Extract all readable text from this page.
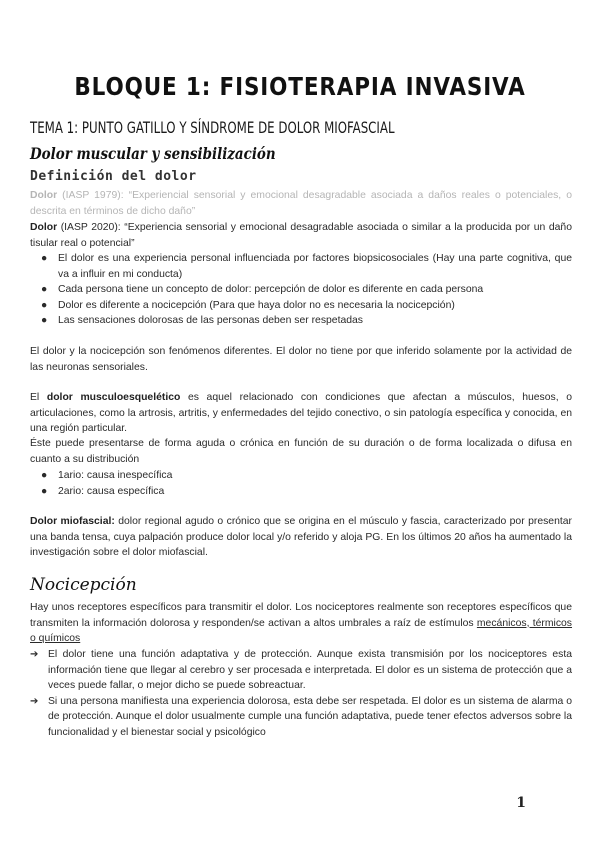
BLOQUE 1: FISIOTERAPIA INVASIVA
TEMA 1: PUNTO GATILLO Y SÍNDROME DE DOLOR MIOFASCIAL
Dolor muscular y sensibilización
Definición del dolor

Dolor (IASP 1979): “Experiencial sensorial y emocional desagradable asociada a daños reales o potenciales, o descrita en términos de dicho daño”

Dolor (IASP 2020): “Experiencia sensorial y emocional desagradable asociada o similar a la producida por un daño tisular real o potencial”

● El dolor es una experiencia personal influenciada por factores biopsicosociales (Hay una parte cognitiva, que va a influir en mi conducta)
● Cada persona tiene un concepto de dolor: percepción de dolor es diferente en cada persona
● Dolor es diferente a nocicepción (Para que haya dolor no es necesaria la nocicepción)
● Las sensaciones dolorosas de las personas deben ser respetadas

El dolor y la nocicepción son fenómenos diferentes. El dolor no tiene por que inferido solamente por la actividad de las neuronas sensoriales.

El dolor musculoesquelético es aquel relacionado con condiciones que afectan a músculos, huesos, o articulaciones, como la artrosis, artritis, y enfermedades del tejido conectivo, o sin patología específica y conocida, en una región particular.

Éste puede presentarse de forma aguda o crónica en función de su duración o de forma localizada o difusa en cuanto a su distribución

● 1ario: causa inespecífica
● 2ario: causa específica

Dolor miofascial: dolor regional agudo o crónico que se origina en el músculo y fascia, caracterizado por presentar una banda tensa, cuya palpación produce dolor local y/o referido y aloja PG. En los últimos 20 años ha aumentado la investigación sobre el dolor miofascial.

Nocicepción

Hay unos receptores específicos para transmitir el dolor. Los nociceptores realmente son receptores específicos que transmiten la información dolorosa y responden/se activan a altos umbrales a raíz de estímulos mecánicos, térmicos o químicos

➔ El dolor tiene una función adaptativa y de protección. Aunque exista transmisión por los nociceptores esta información tiene que llegar al cerebro y ser procesada e interpretada. El dolor es un sistema de protección que a veces puede fallar, o mejor dicho se puede sobreactuar.
➔ Si una persona manifiesta una experiencia dolorosa, esta debe ser respetada. El dolor es un sistema de alarma o de protección. Aunque el dolor usualmente cumple una función adaptativa, puede tener efectos adversos sobre la funcionalidad y el bienestar social y psicológico
1
